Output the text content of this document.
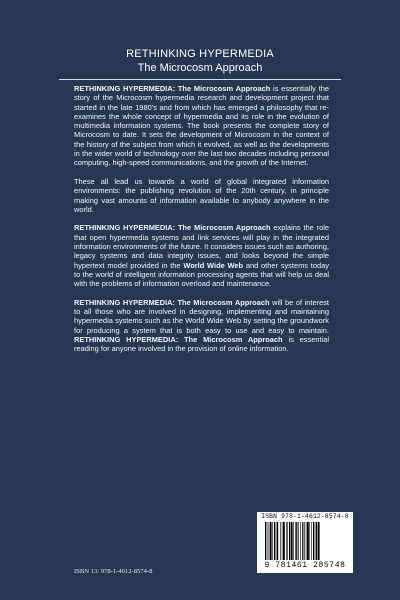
RETHINKING HYPERMEDIA
The Microcosm Approach

RETHINKING HYPERMEDIA: The Microcosm Approach is essentially the story of the Microcosm hypermedia research and development project that started in the late 1980’s and from which has emerged a philosophy that re-examines the whole concept of hypermedia and its role in the evolution of multimedia information systems. The book presents the complete story of Microcosm to date. It sets the development of Microcosm in the context of the history of the subject from which it evolved, as well as the developments in the wider world of technology over the last two decades including personal computing, high-speed communications, and the growth of the Internet.

These all lead us towards a world of global integrated information environments: the publishing revolution of the 20th century, in principle making vast amounts of information available to anybody anywhere in the world.

RETHINKING HYPERMEDIA: The Microcosm Approach explains the role that open hypermedia systems and link services will play in the integrated information environments of the future. It considers issues such as authoring, legacy systems and data integrity issues, and looks beyond the simple hypertext model provided in the World Wide Web and other systems today to the world of intelligent information processing agents that will help us deal with the problems of information overload and maintenance.

RETHINKING HYPERMEDIA: The Microcosm Approach will be of interest to all those who are involved in designing, implementing and maintaining hypermedia systems such as the World Wide Web by setting the groundwork for producing a system that is both easy to use and easy to maintain. RETHINKING HYPERMEDIA: The Microcosm Approach is essential reading for anyone involved in the provision of online information.

ISBN 13: 978-1-4612-8574-8
ISBN 978-1-4612-8574-8
9 781461 285748
